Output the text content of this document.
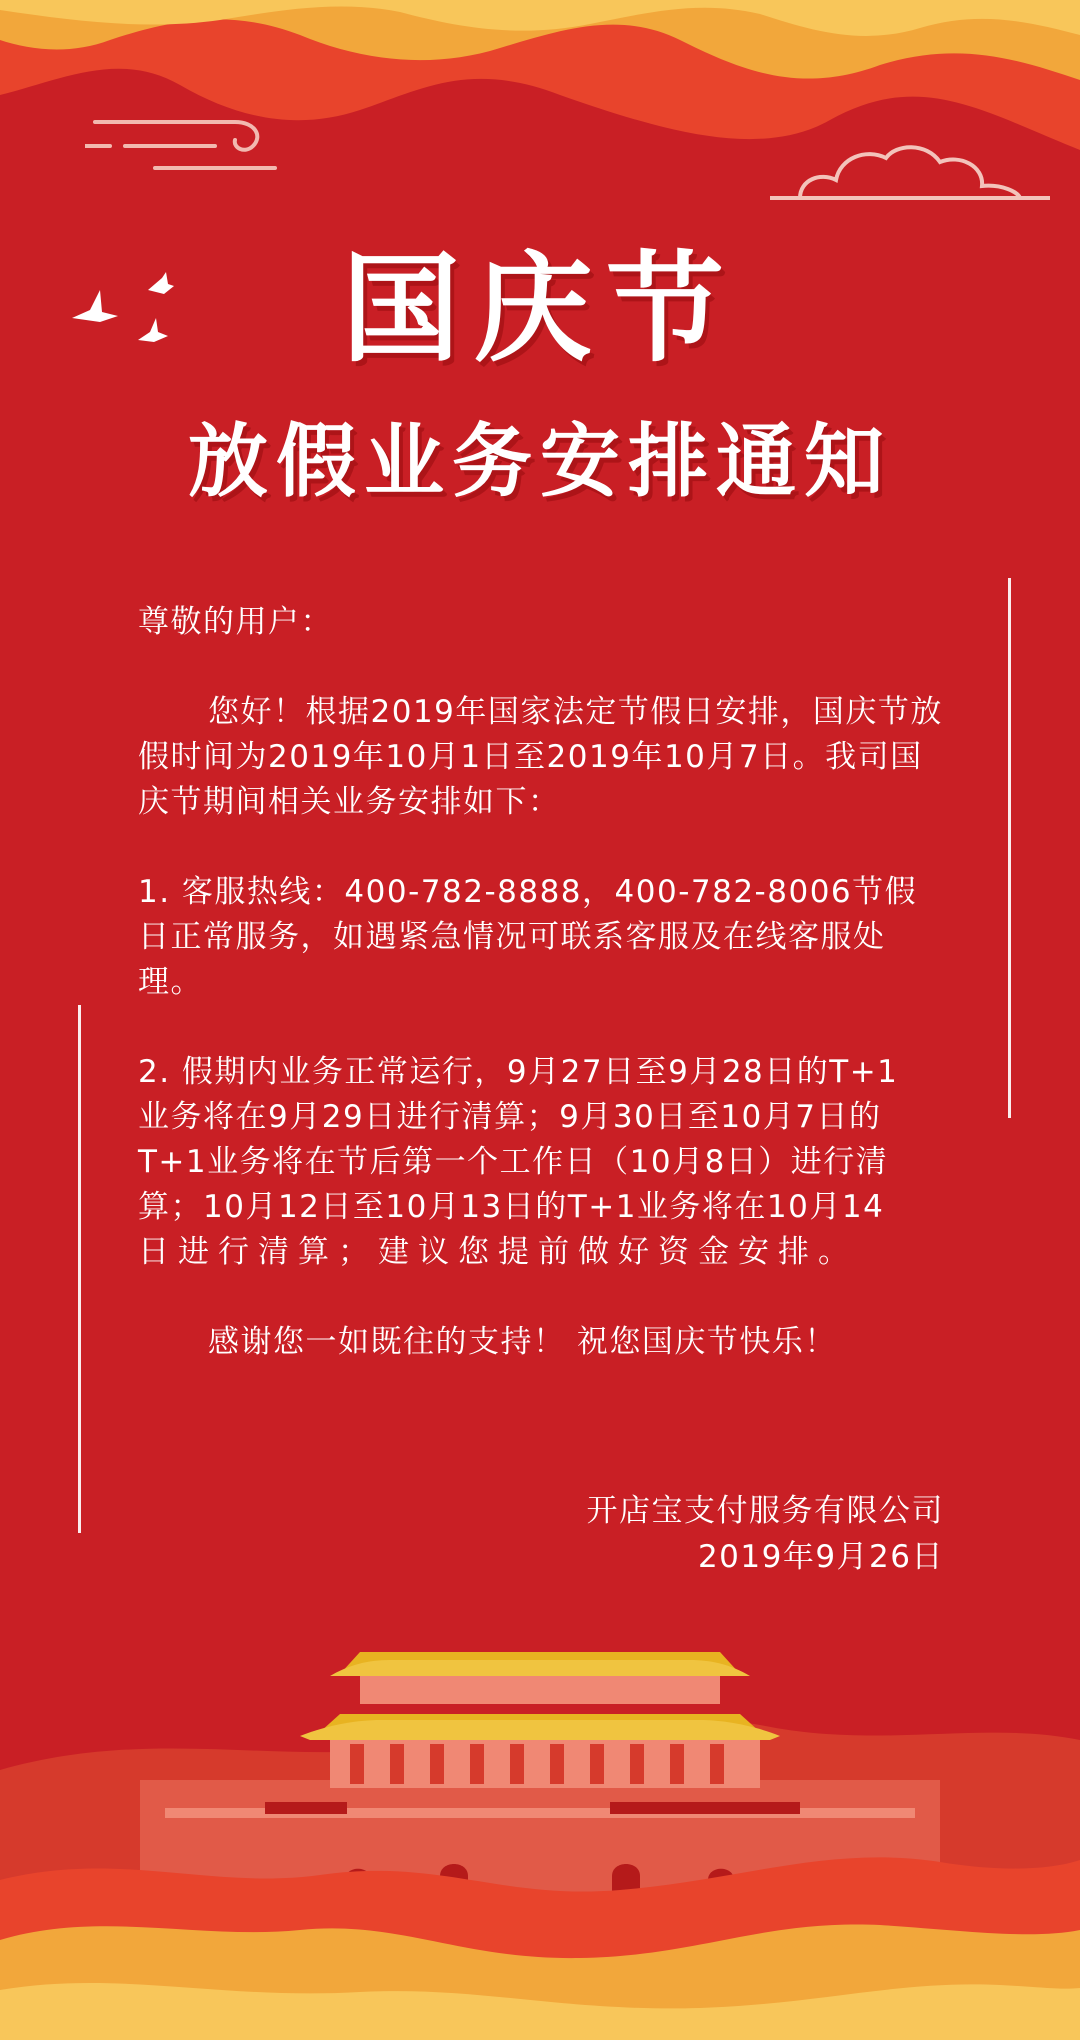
国庆节
放假业务安排通知

尊敬的用户：

您好！根据2019年国家法定节假日安排，国庆节放假时间为2019年10月1日至2019年10月7日。我司国庆节期间相关业务安排如下：

1. 客服热线：400-782-8888，400-782-8006节假日正常服务，如遇紧急情况可联系客服及在线客服处理。

2. 假期内业务正常运行，9月27日至9月28日的T+1

业务将在9月29日进行清算；9月30日至10月7日的

T+1业务将在节后第一个工作日（10月8日）进行清

算；10月12日至10月13日的T+1业务将在10月14

日进行清算；建议您提前做好资金安排。

感谢您一如既往的支持！ 祝您国庆节快乐！

开店宝支付服务有限公司
2019年9月26日
